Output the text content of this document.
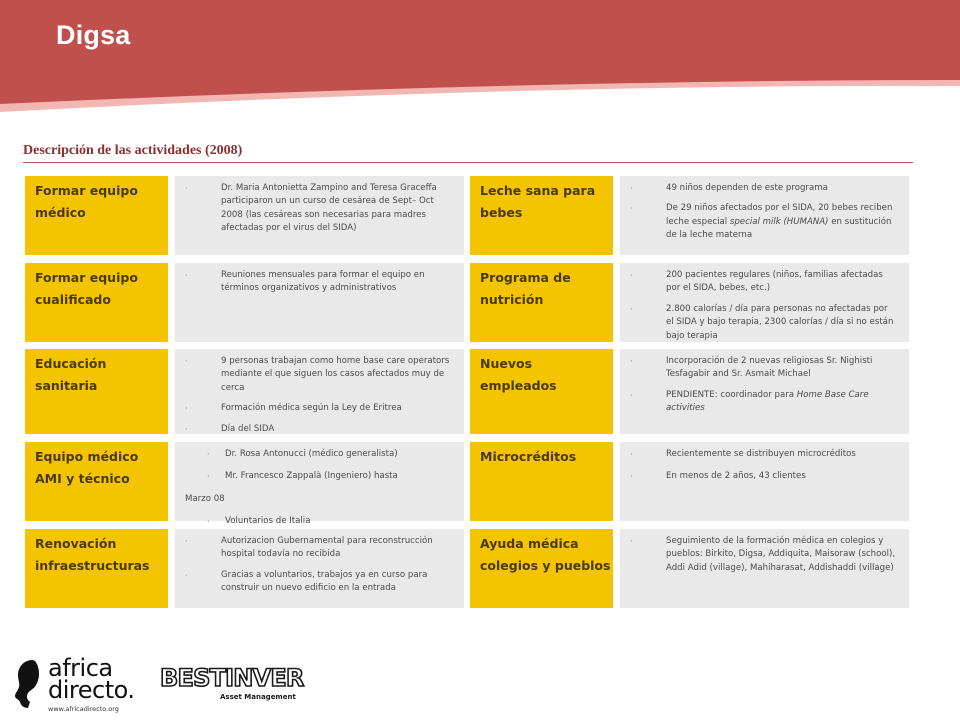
Digsa
Descripción de las actividades (2008)
Formar equipo
médico
·	Dr. Maria Antonietta Zampino and Teresa Graceffa participaron un un curso de cesárea de Sept– Oct 2008 (las cesáreas son necesarias para madres afectadas por el virus del SIDA)
Leche sana para
bebes
·	49 niños dependen de este programa
·	De 29 niños afectados por el SIDA, 20 bebes reciben leche especial special milk (HUMANA) en sustitución de la leche materna
Formar equipo
cualificado
·	Reuniones mensuales para formar el equipo en términos organizativos y administrativos
Programa de
nutrición
·	200 pacientes regulares (niños, familias afectadas por el SIDA, bebes, etc.)
·	2.800 calorías / día para personas no afectadas por el SIDA y bajo terapia, 2300 calorías / día si no están bajo terapia
Educación
sanitaria
·	9 personas trabajan como home base care operators mediante el que siguen los casos afectados muy de cerca
·	Formación médica según la Ley de Eritrea
·	Día del SIDA
Nuevos
empleados
·	Incorporación de 2 nuevas religiosas Sr. Nighisti Tesfagabir and Sr. Asmait Michael
·	PENDIENTE: coordinador para Home Base Care activities
Equipo médico
AMI y técnico
· Dr. Rosa Antonucci (médico generalista)
· Mr. Francesco Zappalà (Ingeniero) hasta
Marzo 08
· Voluntarios de Italia
Microcréditos	·	Recientemente se distribuyen microcréditos
·	En menos de 2 años, 43 clientes
Renovación
infraestructuras
·	Autorizacion Gubernamental para reconstrucción hospital todavía no recibida
·	Gracias a voluntarios, trabajos ya en curso para construir un nuevo edificio en la entrada
Ayuda médica
colegios y pueblos
·	Seguimiento de la formación médica en colegios y pueblos: Birkito, Digsa, Addiquita, Maisoraw (school), Addi Adid (village), Mahiharasat, Addishaddi (village)
africa
directo.
www.africadirecto.org
BESTINVER
Asset Management
